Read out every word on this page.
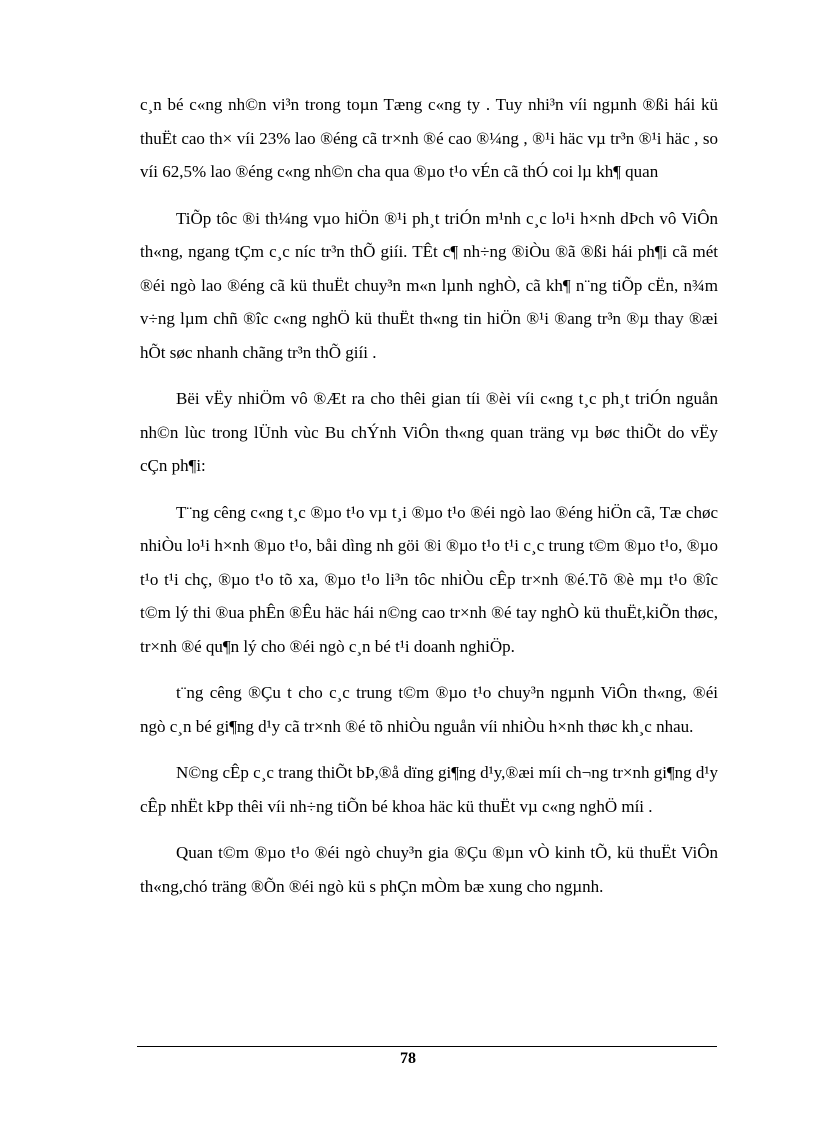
c¸n bé c«ng nh©n vi³n trong toµn Tæng c«ng ty . Tuy nhi³n víi ngµnh ®ßi hái kü thuËt cao th× víi 23% lao ®éng cã tr×nh ®é cao ®¼ng , ®¹i häc vµ tr³n ®¹i häc , so víi 62,5% lao ®éng c«ng nh©n cha qua ®µo t¹o vÉn cã thÓ coi lµ kh¶ quan

TiÕp tôc ®i th¼ng vµo hiÖn ®¹i ph¸t triÓn m¹nh c¸c lo¹i h×nh dÞch vô ViÔn th«ng, ngang tÇm c¸c níc tr³n thÕ giíi. TÊt c¶ nh÷ng ®iÒu ®ã ®ßi hái ph¶i cã mét ®éi ngò lao ®éng cã kü thuËt chuy³n m«n lµnh nghÒ, cã kh¶ n¨ng tiÕp cËn, n¾m v÷ng lµm chñ ®îc c«ng nghÖ kü thuËt th«ng tin hiÖn ®¹i ®ang tr³n ®µ thay ®æi hÕt søc nhanh chãng tr³n thÕ giíi .

Bëi vËy nhiÖm vô ®Æt ra cho thêi gian tíi ®èi víi c«ng t¸c ph¸t triÓn nguån nh©n lùc trong lÜnh vùc Bu chÝnh ViÔn th«ng quan träng vµ bøc thiÕt do vËy cÇn ph¶i:

T¨ng cêng c«ng t¸c ®µo t¹o vµ t¸i ®µo t¹o ®éi ngò lao ®éng hiÖn cã, Tæ chøc nhiÒu lo¹i h×nh ®µo t¹o, båi dìng nh göi ®i ®µo t¹o t¹i c¸c trung t©m ®µo t¹o, ®µo t¹o t¹i chç, ®µo t¹o tõ xa, ®µo t¹o li³n tôc nhiÒu cÊp tr×nh ®é.Tõ ®è mµ t¹o ®îc t©m lý thi ®ua phÊn ®Êu häc hái n©ng cao tr×nh ®é tay nghÒ kü thuËt,kiÕn thøc, tr×nh ®é qu¶n lý cho ®éi ngò c¸n bé t¹i doanh nghiÖp.

t¨ng cêng ®Çu t cho c¸c trung t©m ®µo t¹o chuy³n ngµnh ViÔn th«ng, ®éi ngò c¸n bé gi¶ng d¹y cã tr×nh ®é tõ nhiÒu nguån víi nhiÒu h×nh thøc kh¸c nhau.

N©ng cÊp c¸c trang thiÕt bÞ,®å dïng gi¶ng d¹y,®æi míi ch¬ng tr×nh gi¶ng d¹y cÊp nhËt kÞp thêi víi nh÷ng tiÕn bé khoa häc kü thuËt vµ c«ng nghÖ míi .

Quan t©m ®µo t¹o ®éi ngò chuy³n gia ®Çu ®µn vÒ kinh tÕ, kü thuËt ViÔn th«ng,chó träng ®Õn ®éi ngò kü s phÇn mÒm bæ xung cho ngµnh.

78
